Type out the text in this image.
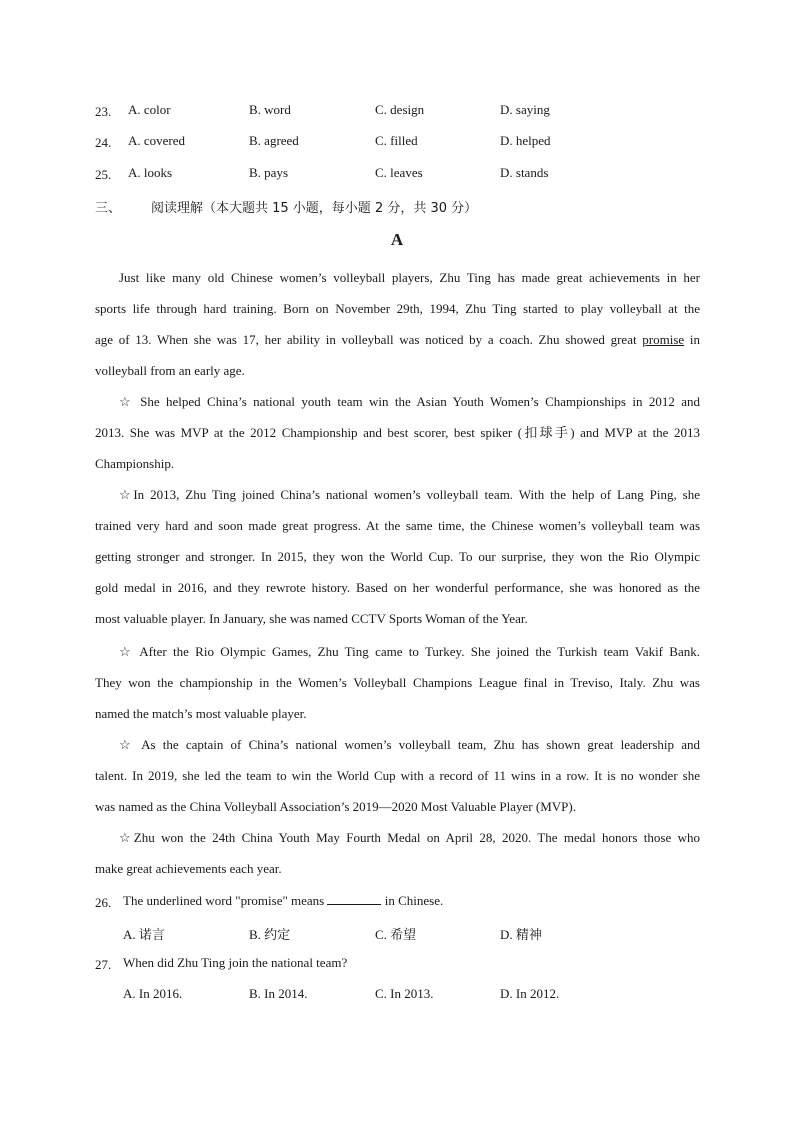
23. A. color	B. word	C. design	D. saying
24. A. covered	B. agreed	C. filled	D. helped
25. A. looks	B. pays	C. leaves	D. stands
三、 阅读理解（本大题共 15 小题，每小题 2 分，共 30 分）
A

Just like many old Chinese women’s volleyball players, Zhu Ting has made great achievements in her

sports life through hard training. Born on November 29th, 1994, Zhu Ting started to play volleyball at the

age of 13. When she was 17, her ability in volleyball was noticed by a coach. Zhu showed great promise in

volleyball from an early age.

☆ She helped China’s national youth team win the Asian Youth Women’s Championships in 2012 and

2013. She was MVP at the 2012 Championship and best scorer, best spiker (扣球手) and MVP at the 2013

Championship.

☆In 2013, Zhu Ting joined China’s national women’s volleyball team. With the help of Lang Ping, she

trained very hard and soon made great progress. At the same time, the Chinese women’s volleyball team was

getting stronger and stronger. In 2015, they won the World Cup. To our surprise, they won the Rio Olympic

gold medal in 2016, and they rewrote history. Based on her wonderful performance, she was honored as the

most valuable player. In January, she was named CCTV Sports Woman of the Year.

☆ After the Rio Olympic Games, Zhu Ting came to Turkey. She joined the Turkish team Vakif Bank.

They won the championship in the Women’s Volleyball Champions League final in Treviso, Italy. Zhu was

named the match’s most valuable player.

☆ As the captain of China’s national women’s volleyball team, Zhu has shown great leadership and

talent. In 2019, she led the team to win the World Cup with a record of 11 wins in a row. It is no wonder she

was named as the China Volleyball Association’s 2019—2020 Most Valuable Player (MVP).

☆Zhu won the 24th China Youth May Fourth Medal on April 28, 2020. The medal honors those who

make great achievements each year.

26. The underlined word "promise" means	in Chinese.
A. 诺言	B. 约定	C. 希望	D. 精神
27. When did Zhu Ting join the national team?
A. In 2016.	B. In 2014.	C. In 2013.	D. In 2012.
